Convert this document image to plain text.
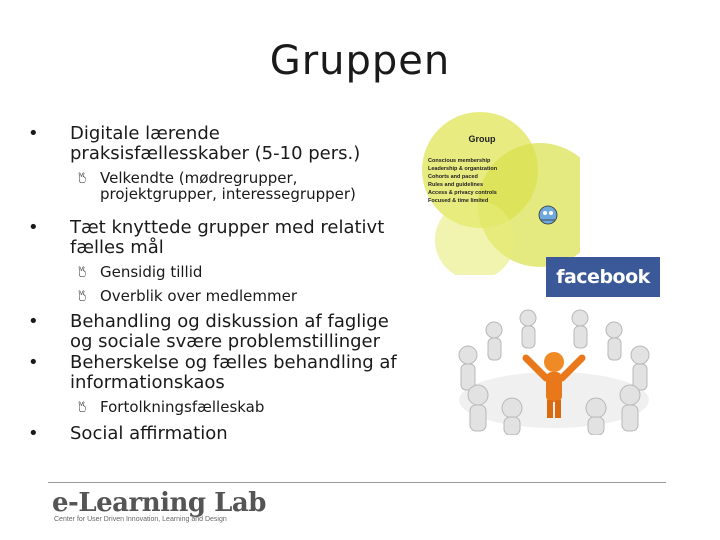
Gruppen
•	Digitale lærende praksisfællesskaber (5-10 pers.)
🖔 Velkendte (mødregrupper, projektgrupper, interessegrupper)
•	Tæt knyttede grupper med relativt fælles mål
🖔 Gensidig tillid
🖔 Overblik over medlemmer
•	Behandling og diskussion af faglige og sociale svære problemstillinger
•	Beherskelse og fælles behandling af informationskaos
🖔 Fortolkningsfælleskab
•	Social affirmation
Group
Conscious membership
Leadership & organization
Cohorts and paced
Rules and guidelines
Access & privacy controls
Focused & time limited
facebook
e-Learning Lab
Center for User Driven Innovation, Learning and Design
